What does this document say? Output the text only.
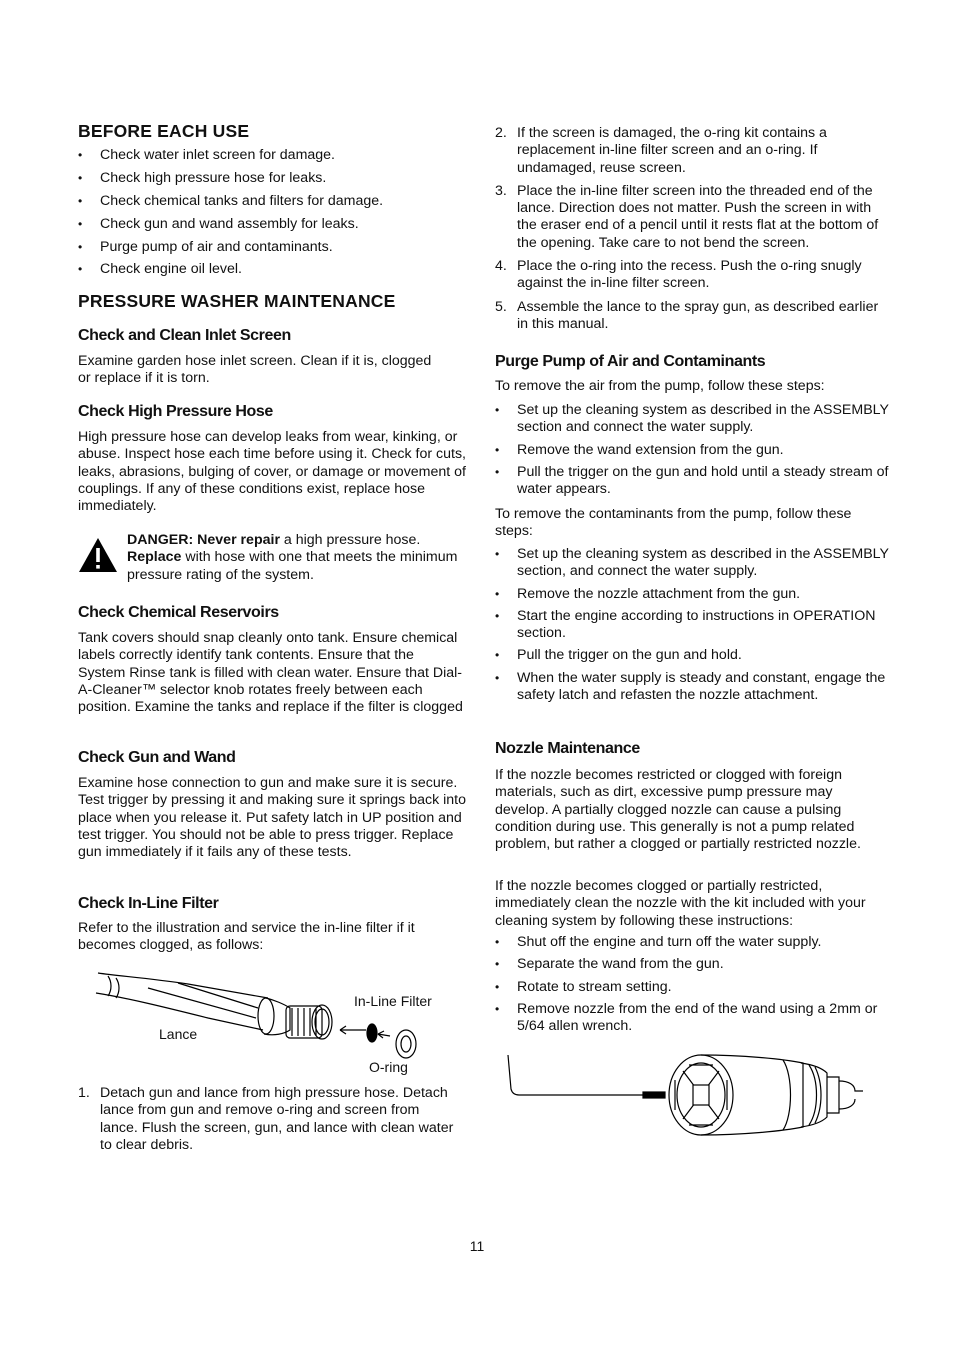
BEFORE EACH USE
• Check water inlet screen for damage.
• Check high pressure hose for leaks.
• Check chemical tanks and filters for damage.
• Check gun and wand assembly for leaks.
• Purge pump of air and contaminants.
• Check engine oil level.
PRESSURE WASHER MAINTENANCE
Check and Clean Inlet Screen

Examine garden hose inlet screen. Clean if it is, clogged or replace if it is torn.

Check High Pressure Hose

High pressure hose can develop leaks from wear, kinking, or abuse. Inspect hose each time before using it. Check for cuts, leaks, abrasions, bulging of cover, or damage or movement of couplings. If any of these conditions exist, replace hose immediately.

DANGER: Never repair a high pressure hose. Replace with hose with one that meets the minimum pressure rating of the system.
Check Chemical Reservoirs

Tank covers should snap cleanly onto tank. Ensure chemical labels correctly identify tank contents. Ensure that the System Rinse tank is filled with clean water. Ensure that Dial-A-Cleaner™ selector knob rotates freely between each position. Examine the tanks and replace if the filter is clogged

Check Gun and Wand

Examine hose connection to gun and make sure it is secure. Test trigger by pressing it and making sure it springs back into place when you release it. Put safety latch in UP position and test trigger. You should not be able to press trigger. Replace gun immediately if it fails any of these tests.

Check In-Line Filter

Refer to the illustration and service the in-line filter if it becomes clogged, as follows:

In-Line Filter
Lance
O-ring
1. Detach gun and lance from high pressure hose. Detach lance from gun and remove o-ring and screen from lance. Flush the screen, gun, and lance with clean water to clear debris.
2. If the screen is damaged, the o-ring kit contains a replacement in-line filter screen and an o-ring. If undamaged, reuse screen.
3. Place the in-line filter screen into the threaded end of the lance. Direction does not matter. Push the screen in with the eraser end of a pencil until it rests flat at the bottom of the opening. Take care to not bend the screen.
4. Place the o-ring into the recess. Push the o-ring snugly against the in-line filter screen.
5. Assemble the lance to the spray gun, as described earlier in this manual.
Purge Pump of Air and Contaminants

To remove the air from the pump, follow these steps:

• Set up the cleaning system as described in the ASSEMBLY section and connect the water supply.
• Remove the wand extension from the gun.
• Pull the trigger on the gun and hold until a steady stream of water appears.

To remove the contaminants from the pump, follow these steps:

• Set up the cleaning system as described in the ASSEMBLY section, and connect the water supply.
• Remove the nozzle attachment from the gun.
• Start the engine according to instructions in OPERATION section.
• Pull the trigger on the gun and hold.
• When the water supply is steady and constant, engage the safety latch and refasten the nozzle attachment.
Nozzle Maintenance

If the nozzle becomes restricted or clogged with foreign materials, such as dirt, excessive pump pressure may develop. A partially clogged nozzle can cause a pulsing condition during use. This generally is not a pump related problem, but rather a clogged or partially restricted nozzle.

If the nozzle becomes clogged or partially restricted, immediately clean the nozzle with the kit included with your cleaning system by following these instructions:

• Shut off the engine and turn off the water supply.
• Separate the wand from the gun.
• Rotate to stream setting.
• Remove nozzle from the end of the wand using a 2mm or 5/64 allen wrench.
11
